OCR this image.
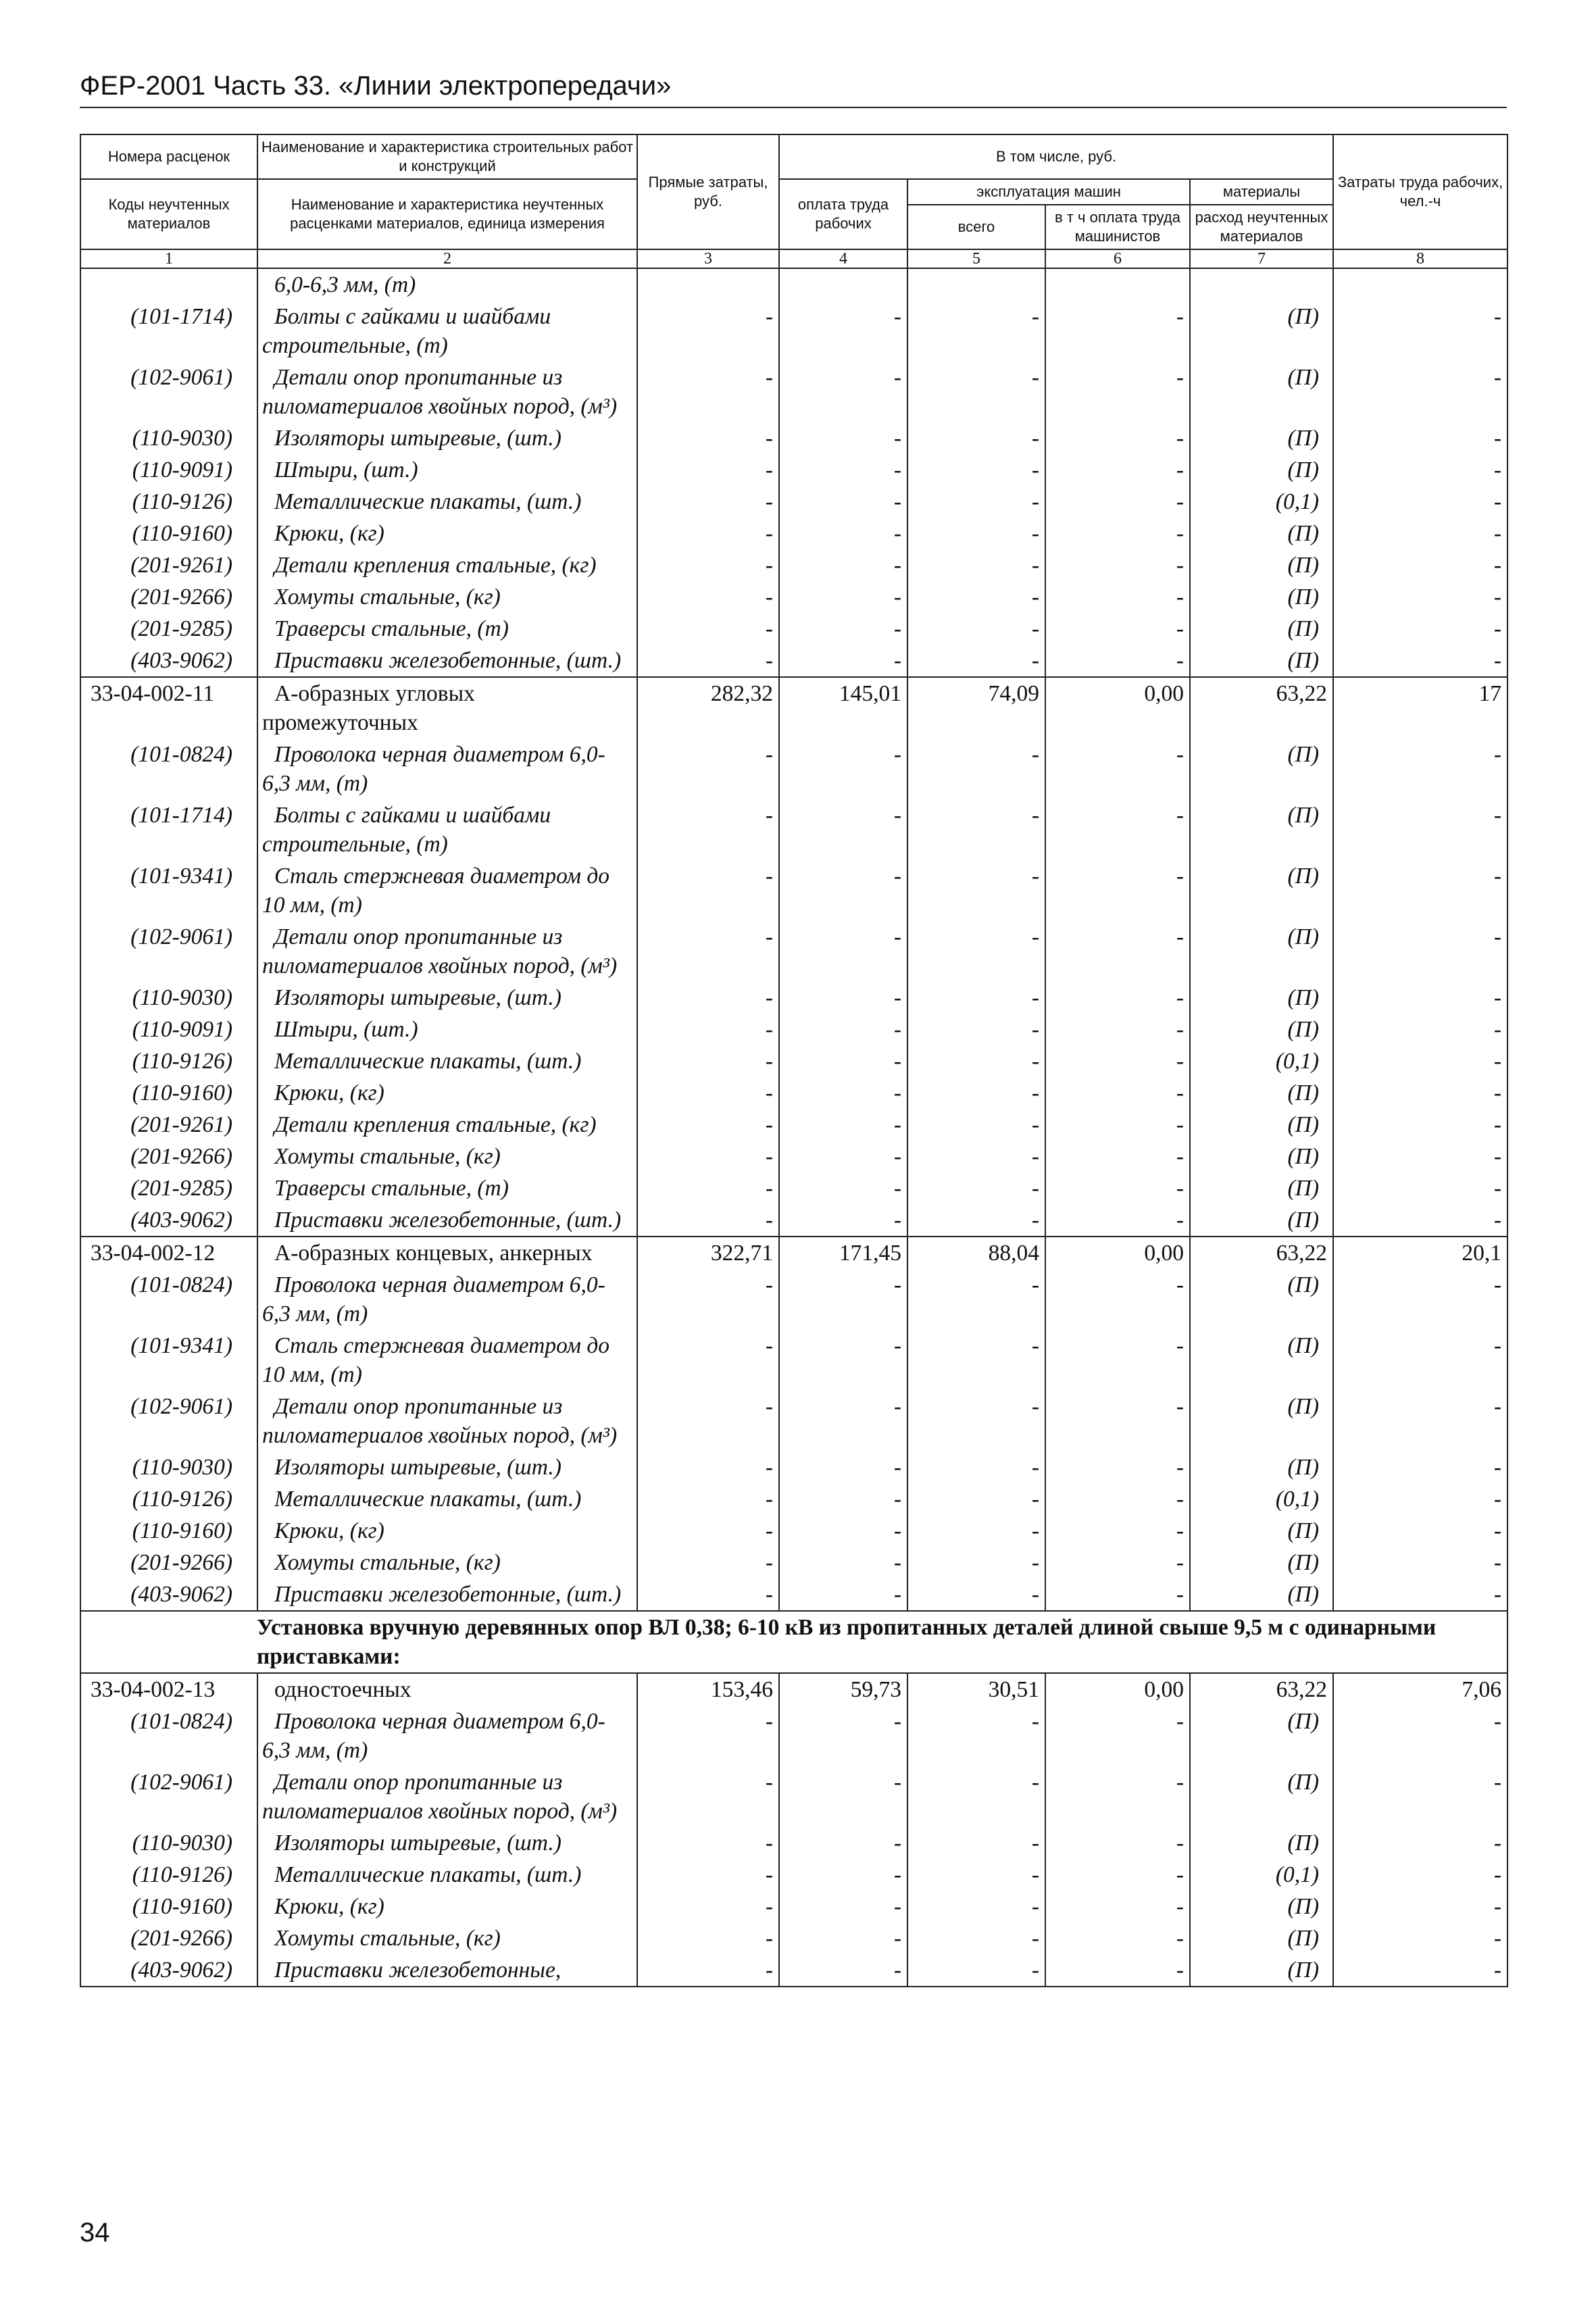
ФЕР-2001 Часть 33. «Линии электропередачи»
Номера расценок	Наименование и характеристика строительных работ и конструкций	Прямые затраты, руб.	В том числе, руб.				Затраты труда рабочих, чел.-ч
Коды неучтенных материалов	Наименование и характеристика неучтенных расценками материалов, единица измерения		оплата труда рабочих	эксплуатация машин		материалы	
				всего	в т ч оплата труда машинистов	расход неучтенных материалов	
1	2	3	4	5	6	7	8
	6,0-6,3 мм, (т)						
(101-1714)	Болты с гайками и шайбами строительные, (т)	-	-	-	-	(П)	-
(102-9061)	Детали опор пропитанные из пиломатериалов хвойных пород, (м³)	-	-	-	-	(П)	-
(110-9030)	Изоляторы штыревые, (шт.)	-	-	-	-	(П)	-
(110-9091)	Штыри, (шт.)	-	-	-	-	(П)	-
(110-9126)	Металлические плакаты, (шт.)	-	-	-	-	(0,1)	-
(110-9160)	Крюки, (кг)	-	-	-	-	(П)	-
(201-9261)	Детали крепления стальные, (кг)	-	-	-	-	(П)	-
(201-9266)	Хомуты стальные, (кг)	-	-	-	-	(П)	-
(201-9285)	Траверсы стальные, (т)	-	-	-	-	(П)	-
(403-9062)	Приставки железобетонные, (шт.)	-	-	-	-	(П)	-
33-04-002-11	А-образных угловых промежуточных	282,32	145,01	74,09	0,00	63,22	17
(101-0824)	Проволока черная диаметром 6,0-6,3 мм, (т)	-	-	-	-	(П)	-
(101-1714)	Болты с гайками и шайбами строительные, (т)	-	-	-	-	(П)	-
(101-9341)	Сталь стержневая диаметром до 10 мм, (т)	-	-	-	-	(П)	-
(102-9061)	Детали опор пропитанные из пиломатериалов хвойных пород, (м³)	-	-	-	-	(П)	-
(110-9030)	Изоляторы штыревые, (шт.)	-	-	-	-	(П)	-
(110-9091)	Штыри, (шт.)	-	-	-	-	(П)	-
(110-9126)	Металлические плакаты, (шт.)	-	-	-	-	(0,1)	-
(110-9160)	Крюки, (кг)	-	-	-	-	(П)	-
(201-9261)	Детали крепления стальные, (кг)	-	-	-	-	(П)	-
(201-9266)	Хомуты стальные, (кг)	-	-	-	-	(П)	-
(201-9285)	Траверсы стальные, (т)	-	-	-	-	(П)	-
(403-9062)	Приставки железобетонные, (шт.)	-	-	-	-	(П)	-
33-04-002-12	А-образных концевых, анкерных	322,71	171,45	88,04	0,00	63,22	20,1
(101-0824)	Проволока черная диаметром 6,0-6,3 мм, (т)	-	-	-	-	(П)	-
(101-9341)	Сталь стержневая диаметром до 10 мм, (т)	-	-	-	-	(П)	-
(102-9061)	Детали опор пропитанные из пиломатериалов хвойных пород, (м³)	-	-	-	-	(П)	-
(110-9030)	Изоляторы штыревые, (шт.)	-	-	-	-	(П)	-
(110-9126)	Металлические плакаты, (шт.)	-	-	-	-	(0,1)	-
(110-9160)	Крюки, (кг)	-	-	-	-	(П)	-
(201-9266)	Хомуты стальные, (кг)	-	-	-	-	(П)	-
(403-9062)	Приставки железобетонные, (шт.)	-	-	-	-	(П)	-
Установка вручную деревянных опор ВЛ 0,38; 6-10 кВ из пропитанных деталей длиной свыше 9,5 м с одинарными приставками:							
33-04-002-13	одностоечных	153,46	59,73	30,51	0,00	63,22	7,06
(101-0824)	Проволока черная диаметром 6,0-6,3 мм, (т)	-	-	-	-	(П)	-
(102-9061)	Детали опор пропитанные из пиломатериалов хвойных пород, (м³)	-	-	-	-	(П)	-
(110-9030)	Изоляторы штыревые, (шт.)	-	-	-	-	(П)	-
(110-9126)	Металлические плакаты, (шт.)	-	-	-	-	(0,1)	-
(110-9160)	Крюки, (кг)	-	-	-	-	(П)	-
(201-9266)	Хомуты стальные, (кг)	-	-	-	-	(П)	-
(403-9062)	Приставки железобетонные,	-	-	-	-	(П)	-
34
